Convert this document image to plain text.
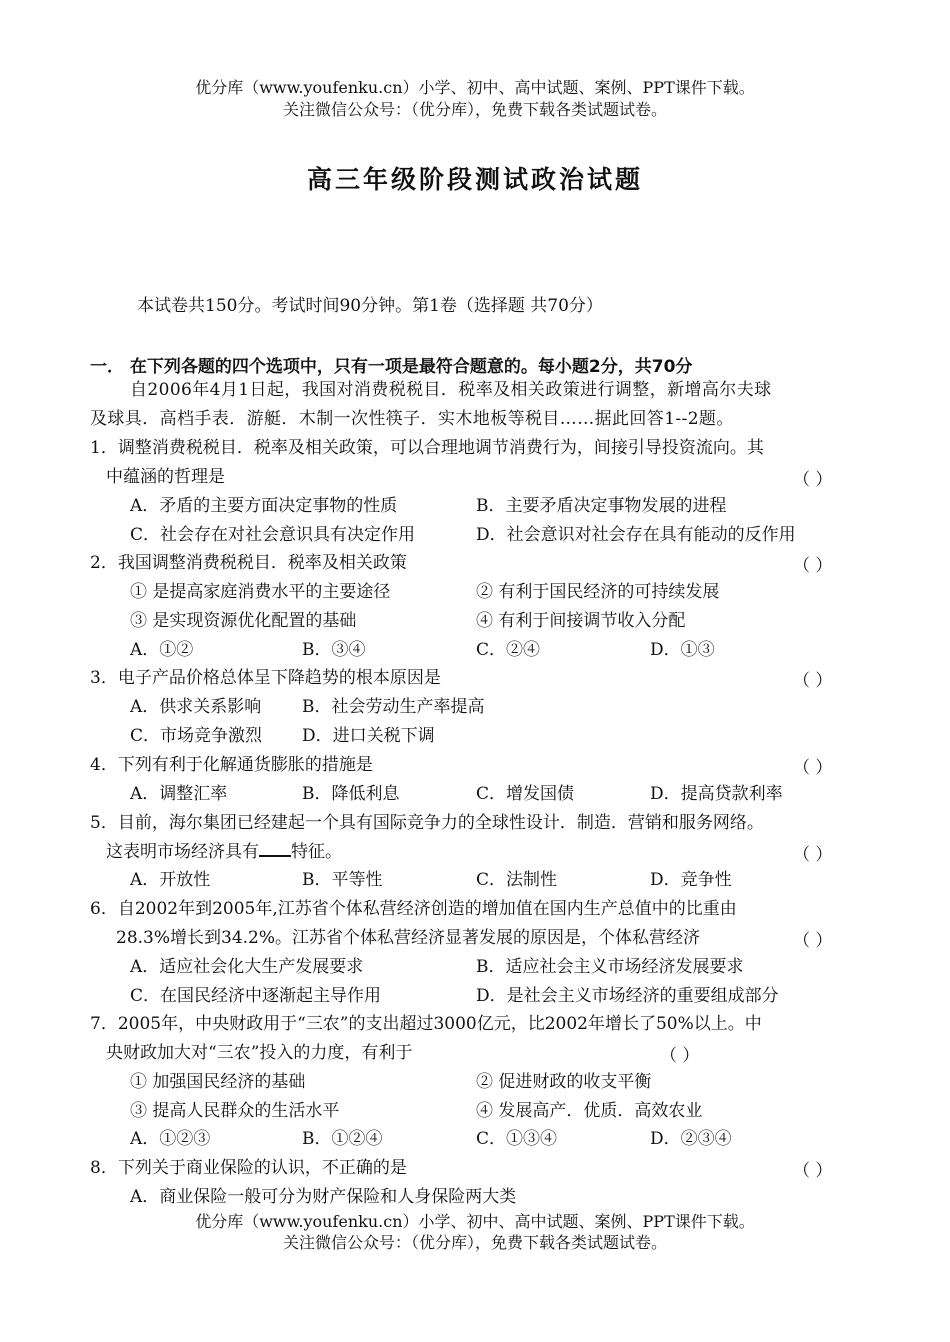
优分库（www.youfenku.cn）小学、初中、高中试题、案例、PPT课件下载。
关注微信公众号：（优分库），免费下载各类试题试卷。
高三年级阶段测试政治试题
本试卷共150分。考试时间90分钟。第1卷（选择题 共70分）
一． 在下列各题的四个选项中，只有一项是最符合题意的。每小题2分，共70分
自2006年4月1日起，我国对消费税税目．税率及相关政策进行调整，新增高尔夫球
及球具．高档手表．游艇．木制一次性筷子．实木地板等税目……据此回答1--2题。
1．调整消费税税目．税率及相关政策，可以合理地调节消费行为，间接引导投资流向。其
中蕴涵的哲理是	（ ）
A．矛盾的主要方面决定事物的性质	B．主要矛盾决定事物发展的进程
C．社会存在对社会意识具有决定作用	D．社会意识对社会存在具有能动的反作用
2．我国调整消费税税目．税率及相关政策	（ ）
① 是提高家庭消费水平的主要途径	② 有利于国民经济的可持续发展
③ 是实现资源优化配置的基础	④ 有利于间接调节收入分配
A．①②	B．③④	C．②④	D．①③
3．电子产品价格总体呈下降趋势的根本原因是	（ ）
A．供求关系影响 B．社会劳动生产率提高
C．市场竞争激烈 D．进口关税下调
4．下列有利于化解通货膨胀的措施是	（ ）
A．调整汇率	B．降低利息	C．增发国债	D．提高贷款利率
5．目前，海尔集团已经建起一个具有国际竞争力的全球性设计．制造．营销和服务网络。
这表明市场经济具有 特征。	（ ）
A．开放性	B．平等性	C．法制性	D．竞争性
6．自2002年到2005年,江苏省个体私营经济创造的增加值在国内生产总值中的比重由
28.3%增长到34.2%。江苏省个体私营经济显著发展的原因是，个体私营经济	（ ）
A．适应社会化大生产发展要求	B．适应社会主义市场经济发展要求
C．在国民经济中逐渐起主导作用	D．是社会主义市场经济的重要组成部分
7．2005年，中央财政用于“三农”的支出超过3000亿元，比2002年增长了50%以上。中
央财政加大对“三农”投入的力度，有利于	（ ）
① 加强国民经济的基础	② 促进财政的收支平衡
③ 提高人民群众的生活水平	④ 发展高产．优质．高效农业
A．①②③	B．①②④	C．①③④	D．②③④
8．下列关于商业保险的认识，不正确的是	（ ）
A．商业保险一般可分为财产保险和人身保险两大类
优分库（www.youfenku.cn）小学、初中、高中试题、案例、PPT课件下载。
关注微信公众号：（优分库），免费下载各类试题试卷。
